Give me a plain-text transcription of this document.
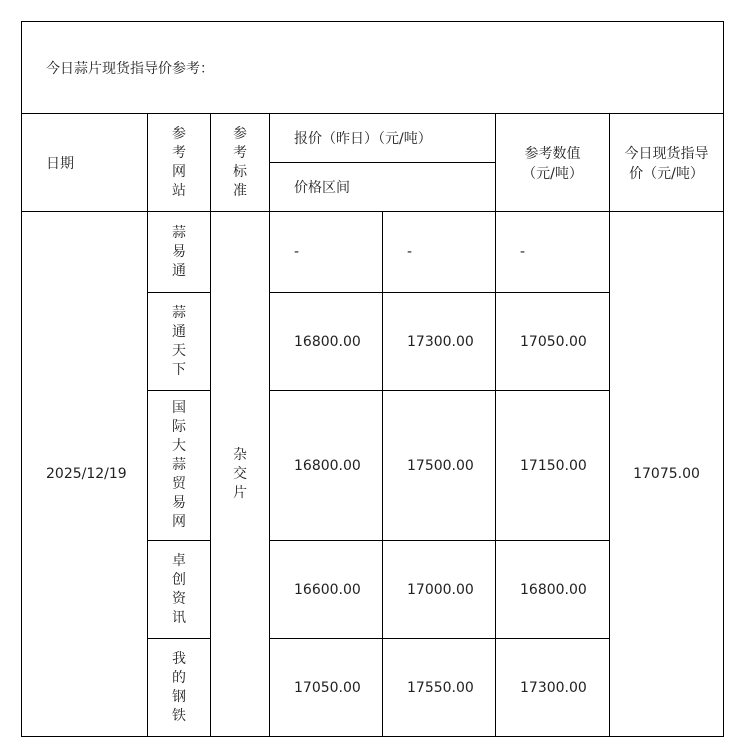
今日蒜片现货指导价参考：						
日期	参考网站	参考标准	报价（昨日）（元/吨）		参考数值（元/吨）	今日现货指导价（元/吨）

			价格区间			
2025/12/19	蒜易通	杂交片	-	-	-	17075.00
	蒜通天下		16800.00	17300.00	17050.00	
	国际大蒜贸易网		16800.00	17500.00	17150.00	
	卓创资讯		16600.00	17000.00	16800.00	
	我的钢铁		17050.00	17550.00	17300.00	
